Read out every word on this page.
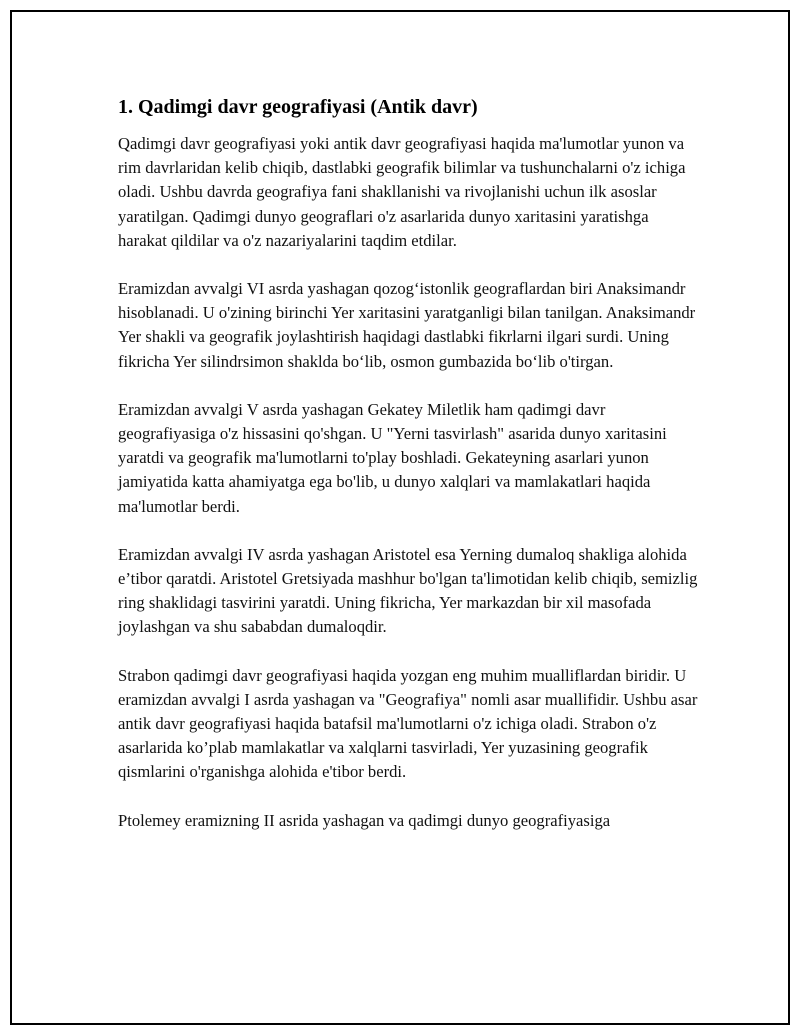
1. Qadimgi davr geografiyasi (Antik davr)

Qadimgi davr geografiyasi yoki antik davr geografiyasi haqida ma'lumotlar yunon va rim davrlaridan kelib chiqib, dastlabki geografik bilimlar va tushunchalarni o'z ichiga oladi. Ushbu davrda geografiya fani shakllanishi va rivojlanishi uchun ilk asoslar yaratilgan. Qadimgi dunyo geograflari o'z asarlarida dunyo xaritasini yaratishga harakat qildilar va o'z nazariyalarini taqdim etdilar.

Eramizdan avvalgi VI asrda yashagan qozog‘istonlik geograflardan biri Anaksimandr hisoblanadi. U o'zining birinchi Yer xaritasini yaratganligi bilan tanilgan. Anaksimandr Yer shakli va geografik joylashtirish haqidagi dastlabki fikrlarni ilgari surdi. Uning fikricha Yer silindrsimon shaklda bo‘lib, osmon gumbazida bo‘lib o'tirgan.

Eramizdan avvalgi V asrda yashagan Gekatey Miletlik ham qadimgi davr geografiyasiga o'z hissasini qo'shgan. U "Yerni tasvirlash" asarida dunyo xaritasini yaratdi va geografik ma'lumotlarni to'play boshladi. Gekateyning asarlari yunon jamiyatida katta ahamiyatga ega bo'lib, u dunyo xalqlari va mamlakatlari haqida ma'lumotlar berdi.

Eramizdan avvalgi IV asrda yashagan Aristotel esa Yerning dumaloq shakliga alohida e’tibor qaratdi. Aristotel Gretsiyada mashhur bo'lgan ta'limotidan kelib chiqib, semizlig ring shaklidagi tasvirini yaratdi. Uning fikricha, Yer markazdan bir xil masofada joylashgan va shu sababdan dumaloqdir.

Strabon qadimgi davr geografiyasi haqida yozgan eng muhim mualliflardan biridir. U eramizdan avvalgi I asrda yashagan va "Geografiya" nomli asar muallifidir. Ushbu asar antik davr geografiyasi haqida batafsil ma'lumotlarni o'z ichiga oladi. Strabon o'z asarlarida ko’plab mamlakatlar va xalqlarni tasvirladi, Yer yuzasining geografik qismlarini o'rganishga alohida e'tibor berdi.

Ptolemey eramizning II asrida yashagan va qadimgi dunyo geografiyasiga
